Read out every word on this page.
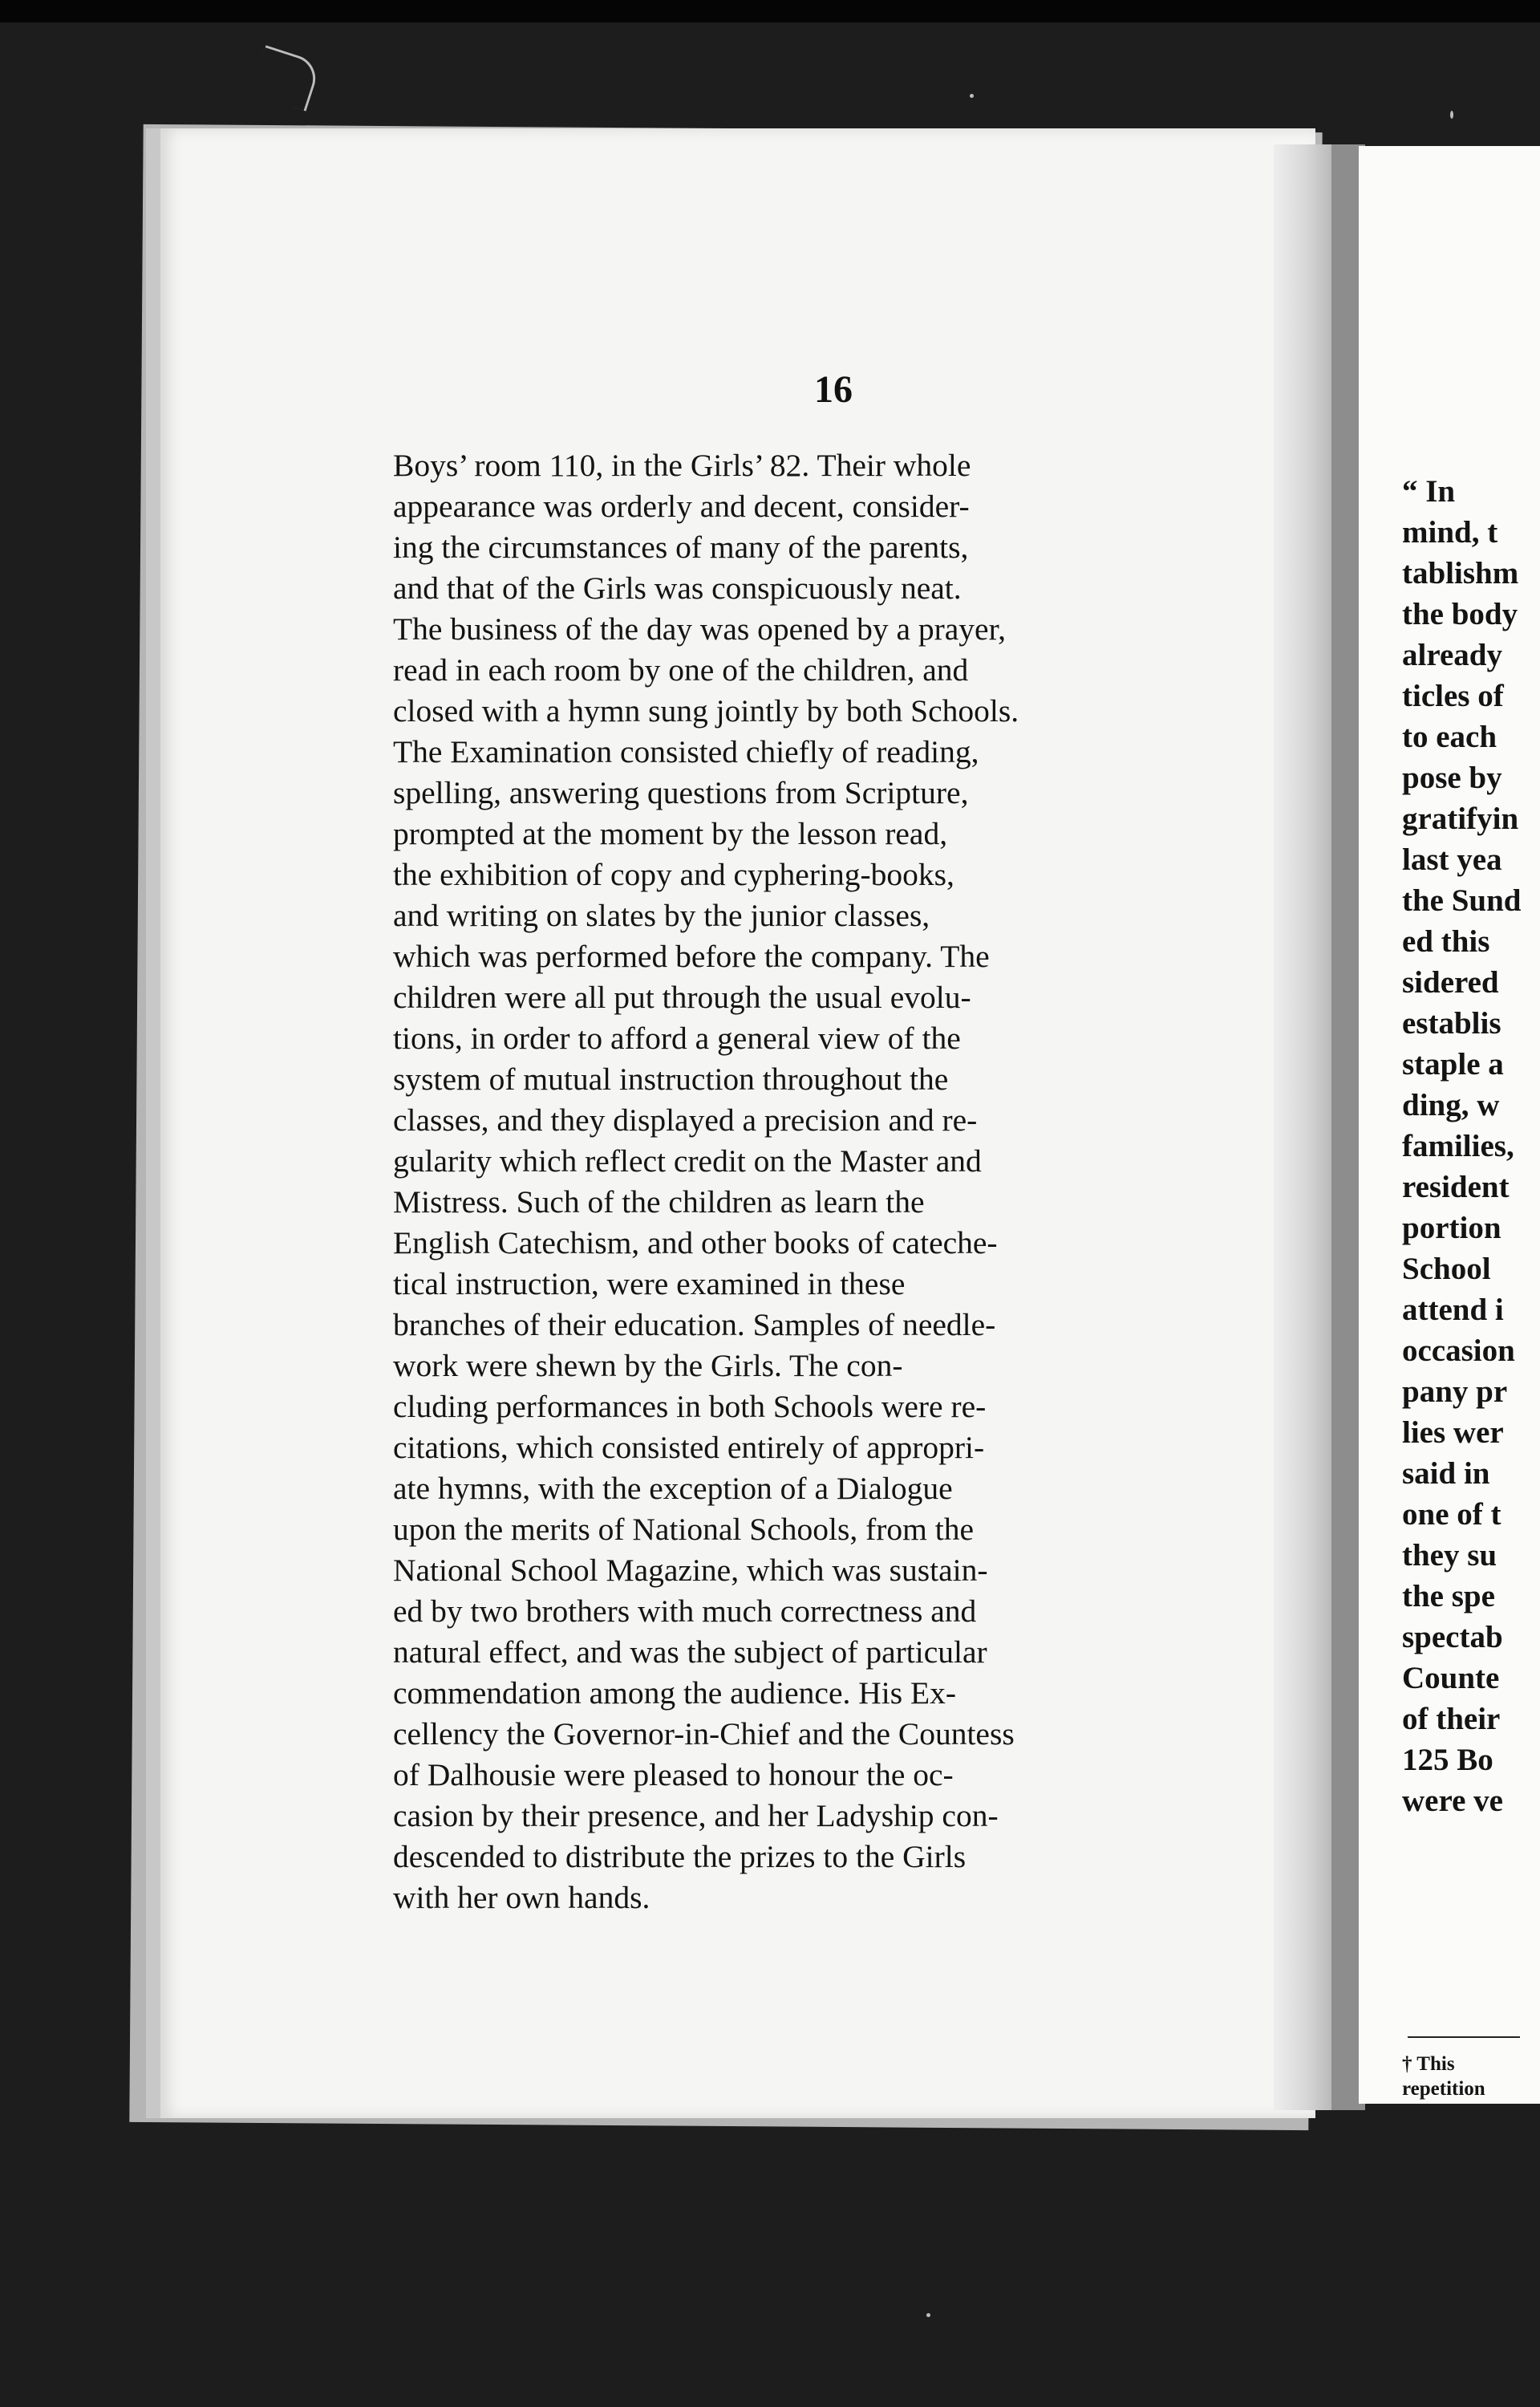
16
Boys’ room 110, in the Girls’ 82. Their whole
appearance was orderly and decent, consider-
ing the circumstances of many of the parents,
and that of the Girls was conspicuously neat.
The business of the day was opened by a prayer,
read in each room by one of the children, and
closed with a hymn sung jointly by both Schools.
The Examination consisted chiefly of reading,
spelling, answering questions from Scripture,
prompted at the moment by the lesson read,
the exhibition of copy and cyphering-books,
and writing on slates by the junior classes,
which was performed before the company. The
children were all put through the usual evolu-
tions, in order to afford a general view of the
system of mutual instruction throughout the
classes, and they displayed a precision and re-
gularity which reflect credit on the Master and
Mistress. Such of the children as learn the
English Catechism, and other books of cateche-
tical instruction, were examined in these
branches of their education. Samples of needle-
work were shewn by the Girls. The con-
cluding performances in both Schools were re-
citations, which consisted entirely of appropri-
ate hymns, with the exception of a Dialogue
upon the merits of National Schools, from the
National School Magazine, which was sustain-
ed by two brothers with much correctness and
natural effect, and was the subject of particular
commendation among the audience. His Ex-
cellency the Governor-in-Chief and the Countess
of Dalhousie were pleased to honour the oc-
casion by their presence, and her Ladyship con-
descended to distribute the prizes to the Girls
with her own hands.
“ In
mind, t
tablishm
the body
already
ticles of
to each
pose by
gratifyin
last yea
the Sund
ed this
sidered
establis
staple a
ding, w
families,
resident
portion
School
attend i
occasion
pany pr
lies wer
said in
one of t
they su
the spe
spectab
Counte
of their
125 Bo
were ve
† This
repetition
